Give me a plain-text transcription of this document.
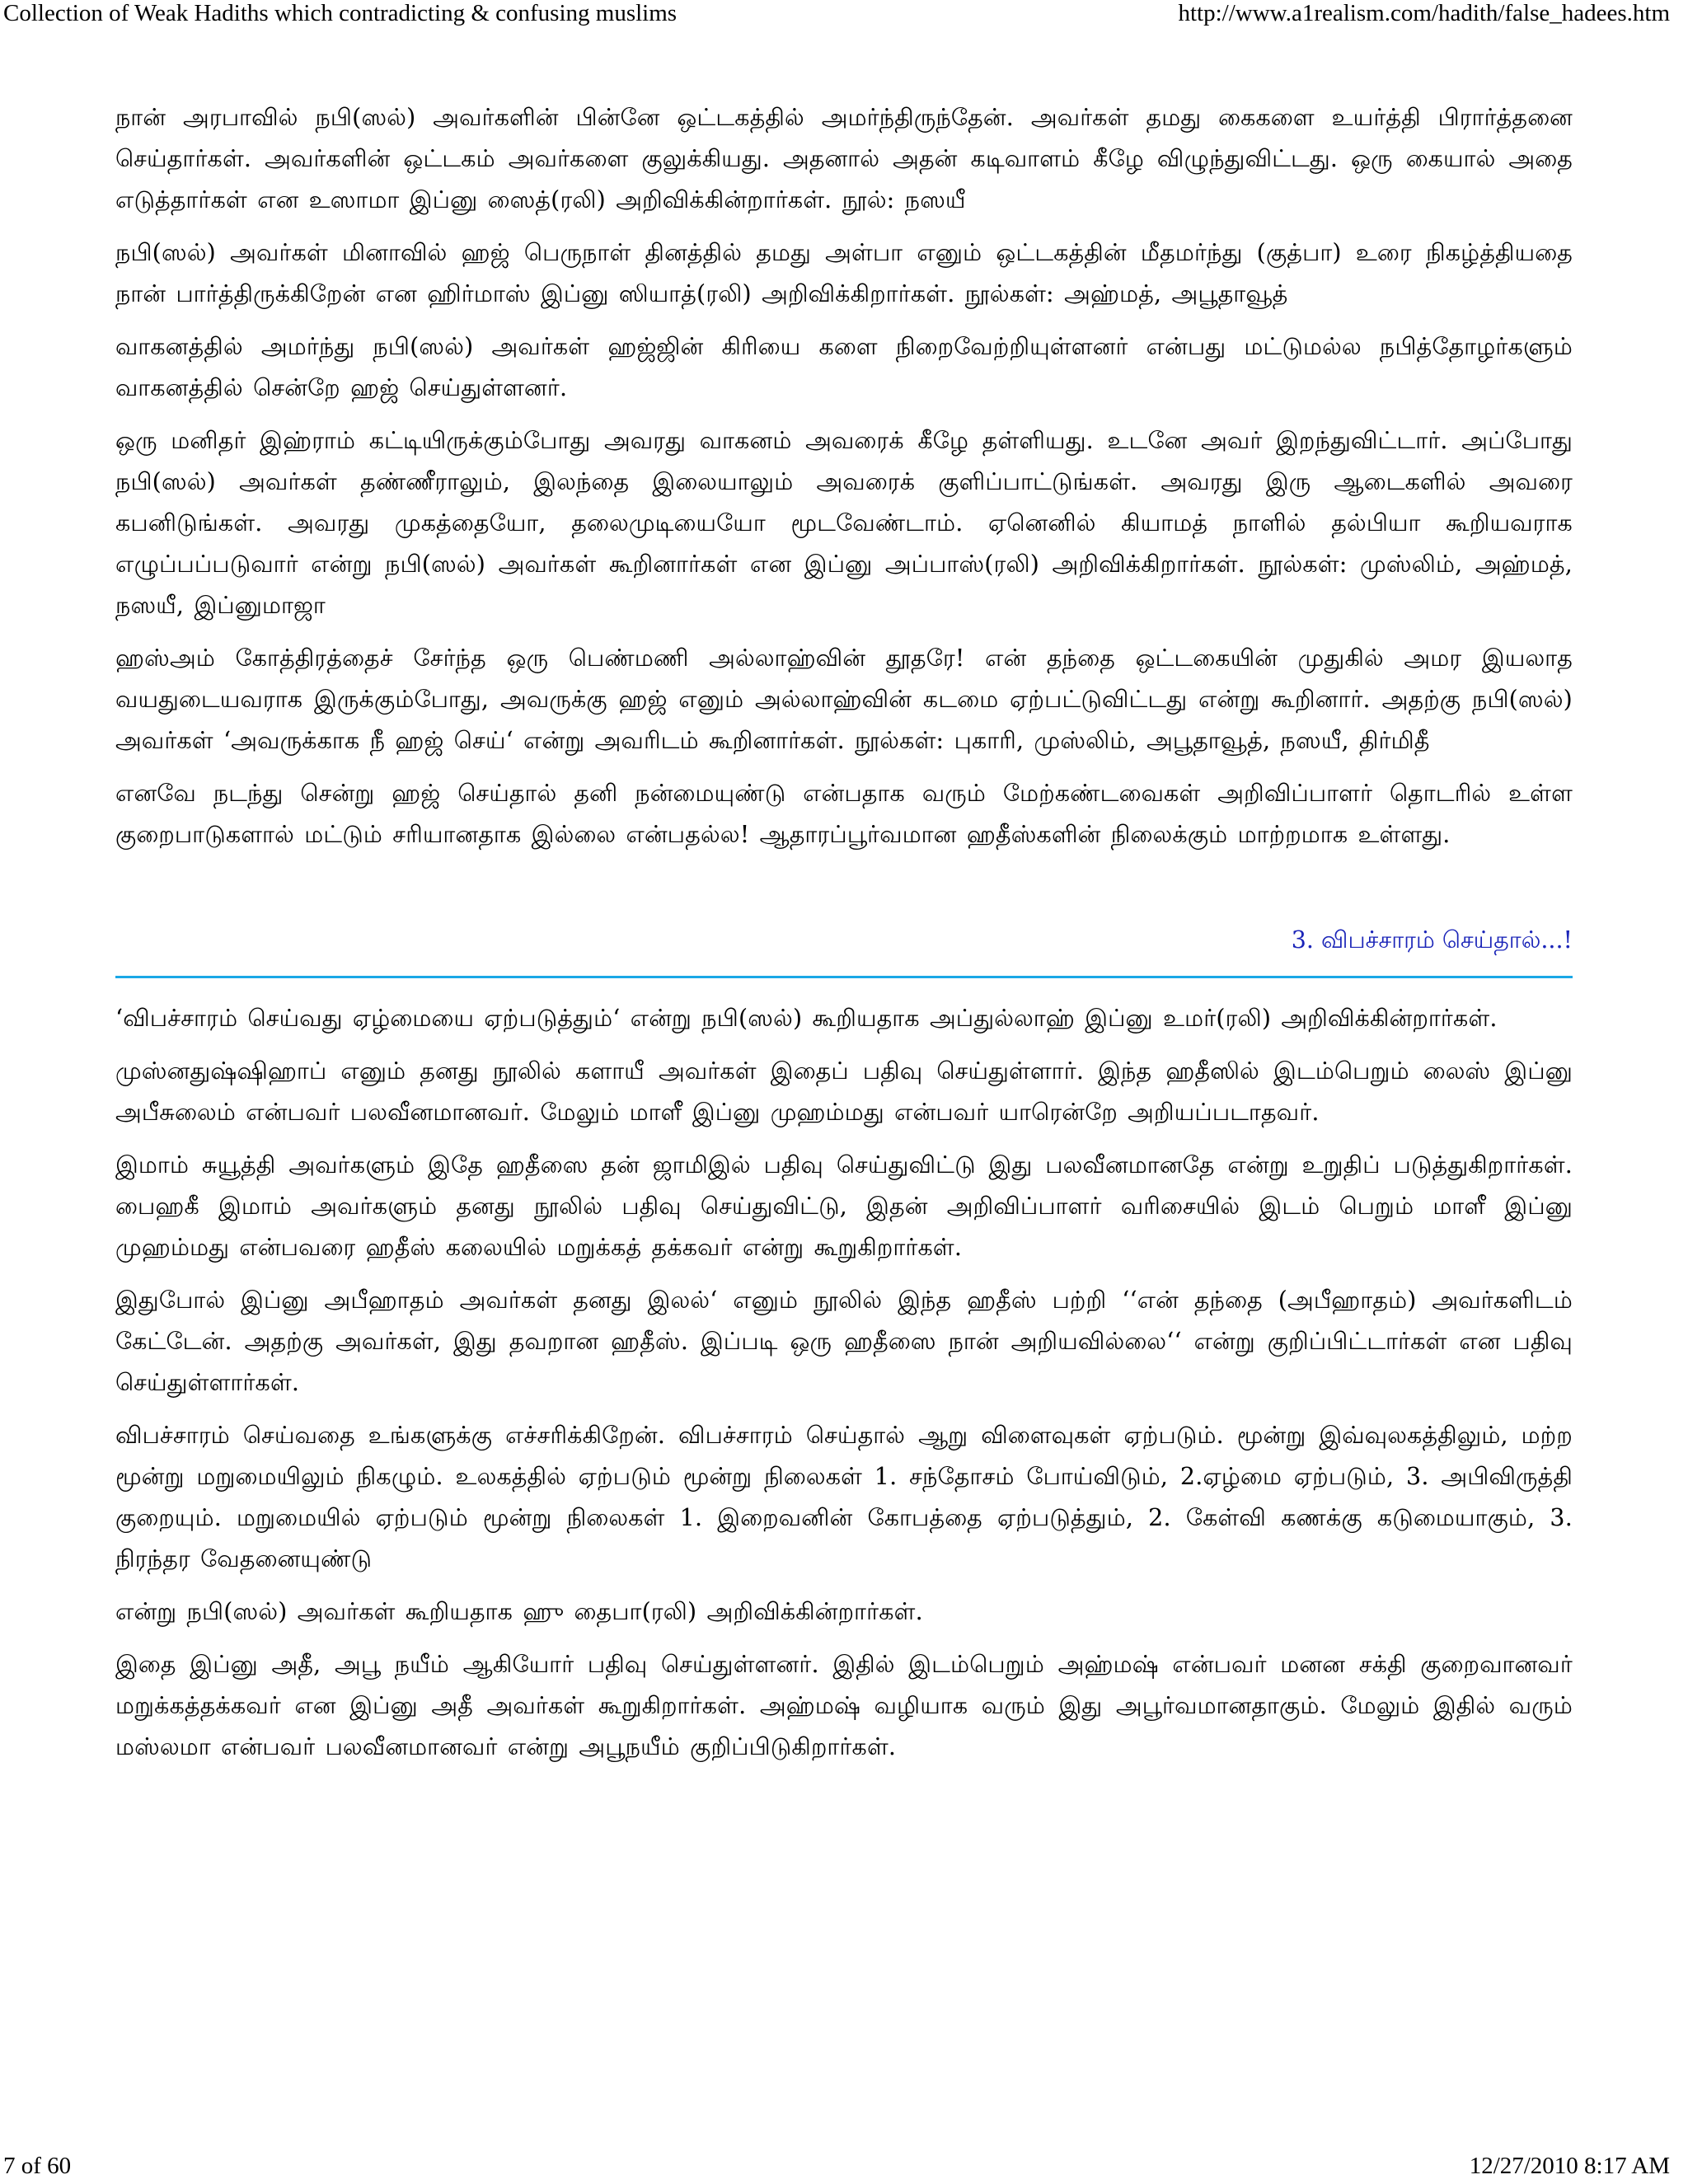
Collection of Weak Hadiths which contradicting & confusing muslims	http://www.a1realism.com/hadith/false_hadees.htm

நான் அரபாவில் நபி(ஸல்) அவர்களின் பின்னே ஒட்டகத்தில் அமர்ந்திருந்தேன். அவர்கள் தமது கைகளை உயர்த்தி பிரார்த்தனை செய்தார்கள். அவர்களின் ஒட்டகம் அவர்களை குலுக்கியது. அதனால் அதன் கடிவாளம் கீழே விழுந்துவிட்டது. ஒரு கையால் அதை எடுத்தார்கள் என உஸாமா இப்னு ஸைத்(ரலி) அறிவிக்கின்றார்கள். நூல்: நஸயீ

நபி(ஸல்) அவர்கள் மினாவில் ஹஜ் பெருநாள் தினத்தில் தமது அள்பா எனும் ஒட்டகத்தின் மீதமர்ந்து (குத்பா) உரை நிகழ்த்தியதை நான் பார்த்திருக்கிறேன் என ஹிர்மாஸ் இப்னு ஸியாத்(ரலி) அறிவிக்கிறார்கள். நூல்கள்: அஹ்மத், அபூதாவூத்

வாகனத்தில் அமர்ந்து நபி(ஸல்) அவர்கள் ஹஜ்ஜின் கிரியை களை நிறைவேற்றியுள்ளனர் என்பது மட்டுமல்ல நபித்தோழர்களும் வாகனத்தில் சென்றே ஹஜ் செய்துள்ளனர்.

ஒரு மனிதர் இஹ்ராம் கட்டியிருக்கும்போது அவரது வாகனம் அவரைக் கீழே தள்ளியது. உடனே அவர் இறந்துவிட்டார். அப்போது நபி(ஸல்) அவர்கள் தண்ணீராலும், இலந்தை இலையாலும் அவரைக் குளிப்பாட்டுங்கள். அவரது இரு ஆடைகளில் அவரை கபனிடுங்கள். அவரது முகத்தையோ, தலைமுடியையோ மூடவேண்டாம். ஏனெனில் கியாமத் நாளில் தல்பியா கூறியவராக எழுப்பப்படுவார் என்று நபி(ஸல்) அவர்கள் கூறினார்கள் என இப்னு அப்பாஸ்(ரலி) அறிவிக்கிறார்கள். நூல்கள்: முஸ்லிம், அஹ்மத், நஸயீ, இப்னுமாஜா

ஹஸ்அம் கோத்திரத்தைச் சேர்ந்த ஒரு பெண்மணி அல்லாஹ்வின் தூதரே! என் தந்தை ஒட்டகையின் முதுகில் அமர இயலாத வயதுடையவராக இருக்கும்போது, அவருக்கு ஹஜ் எனும் அல்லாஹ்வின் கடமை ஏற்பட்டுவிட்டது என்று கூறினார். அதற்கு நபி(ஸல்) அவர்கள் ‘அவருக்காக நீ ஹஜ் செய்‘ என்று அவரிடம் கூறினார்கள். நூல்கள்: புகாரி, முஸ்லிம், அபூதாவூத், நஸயீ, திர்மிதீ

எனவே நடந்து சென்று ஹஜ் செய்தால் தனி நன்மையுண்டு என்பதாக வரும் மேற்கண்டவைகள் அறிவிப்பாளர் தொடரில் உள்ள குறைபாடுகளால் மட்டும் சரியானதாக இல்லை என்பதல்ல! ஆதாரப்பூர்வமான ஹதீஸ்களின் நிலைக்கும் மாற்றமாக உள்ளது.

3. விபச்சாரம் செய்தால்...!

‘விபச்சாரம் செய்வது ஏழ்மையை ஏற்படுத்தும்‘ என்று நபி(ஸல்) கூறியதாக அப்துல்லாஹ் இப்னு உமர்(ரலி) அறிவிக்கின்றார்கள்.

முஸ்னதுஷ்ஷிஹாப் எனும் தனது நூலில் களாயீ அவர்கள் இதைப் பதிவு செய்துள்ளார். இந்த ஹதீஸில் இடம்பெறும் லைஸ் இப்னு அபீசுலைம் என்பவர் பலவீனமானவர். மேலும் மாளீ இப்னு முஹம்மது என்பவர் யாரென்றே அறியப்படாதவர்.

இமாம் சுயூத்தி அவர்களும் இதே ஹதீஸை தன் ஜாமிஇல் பதிவு செய்துவிட்டு இது பலவீனமானதே என்று உறுதிப் படுத்துகிறார்கள். பைஹகீ இமாம் அவர்களும் தனது நூலில் பதிவு செய்துவிட்டு, இதன் அறிவிப்பாளர் வரிசையில் இடம் பெறும் மாளீ இப்னு முஹம்மது என்பவரை ஹதீஸ் கலையில் மறுக்கத் தக்கவர் என்று கூறுகிறார்கள்.

இதுபோல் இப்னு அபீஹாதம் அவர்கள் தனது இலல்‘ எனும் நூலில் இந்த ஹதீஸ் பற்றி ‘‘என் தந்தை (அபீஹாதம்) அவர்களிடம் கேட்டேன். அதற்கு அவர்கள், இது தவறான ஹதீஸ். இப்படி ஒரு ஹதீஸை நான் அறியவில்லை‘‘ என்று குறிப்பிட்டார்கள் என பதிவு செய்துள்ளார்கள்.

விபச்சாரம் செய்வதை உங்களுக்கு எச்சரிக்கிறேன். விபச்சாரம் செய்தால் ஆறு விளைவுகள் ஏற்படும். மூன்று இவ்வுலகத்திலும், மற்ற மூன்று மறுமையிலும் நிகழும். உலகத்தில் ஏற்படும் மூன்று நிலைகள் 1. சந்தோசம் போய்விடும், 2.ஏழ்மை ஏற்படும், 3. அபிவிருத்தி குறையும். மறுமையில் ஏற்படும் மூன்று நிலைகள் 1. இறைவனின் கோபத்தை ஏற்படுத்தும், 2. கேள்வி கணக்கு கடுமையாகும், 3. நிரந்தர வேதனையுண்டு

என்று நபி(ஸல்) அவர்கள் கூறியதாக ஹு தைபா(ரலி) அறிவிக்கின்றார்கள்.

இதை இப்னு அதீ, அபூ நயீம் ஆகியோர் பதிவு செய்துள்ளனர். இதில் இடம்பெறும் அஹ்மஷ் என்பவர் மனன சக்தி குறைவானவர் மறுக்கத்தக்கவர் என இப்னு அதீ அவர்கள் கூறுகிறார்கள். அஹ்மஷ் வழியாக வரும் இது அபூர்வமானதாகும். மேலும் இதில் வரும் மஸ்லமா என்பவர் பலவீனமானவர் என்று அபூநயீம் குறிப்பிடுகிறார்கள்.

7 of 60	12/27/2010 8:17 AM
